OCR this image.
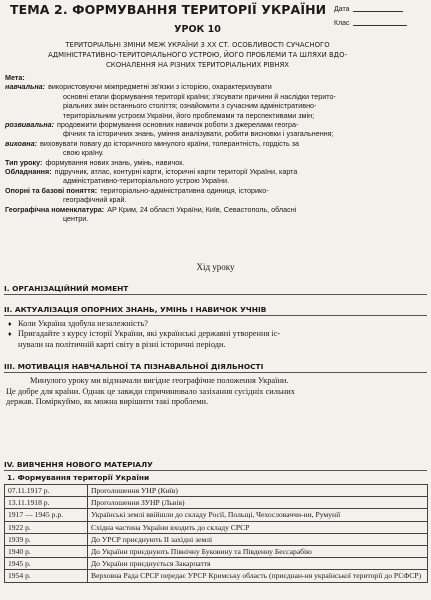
ТЕМА 2. ФОРМУВАННЯ ТЕРИТОРІЇ УКРАЇНИ Дата
Клас
УРОК 10
ТЕРИТОРІАЛЬНІ ЗМІНИ МЕЖ УКРАЇНИ З XX СТ. ОСОБЛИВОСТІ СУЧАСНОГО
АДМІНІСТРАТИВНО-ТЕРИТОРІАЛЬНОГО УСТРОЮ, ЙОГО ПРОБЛЕМИ ТА ШЛЯХИ ВДО-
СКОНАЛЕННЯ НА РІЗНИХ ТЕРИТОРІАЛЬНИХ РІВНЯХ
Мета:
навчальна: використовуючи міжпредметні зв'язки з історією, охарактеризувати
основні етапи формування території країни; з'ясувати причини й наслідки терито-
ріальних змін останнього століття; ознайомити з сучасним адміністративно-
територіальним устроєм України, його проблемами та перспективами змін;
розвивальна: продовжити формування основних навичок роботи з джерелами геогра-
фічних та історичних знань, уміння аналізувати, робити висновки і узагальнення;
виховна: виховувати повагу до історичного минулого країни, толерантність, гордість за
свою країну.
Тип уроку: формування нових знань, умінь, навичок.
Обладнання: підручник, атлас, контурні карти, історичні карти території України, карта
адміністративно-територіального устрою України.
Опорні та базові поняття: територіально-адміністративна одиниця, історико-
географічний край.
Географічна номенклатура: АР Крим, 24 області України, Київ, Севастополь, обласні
центри.
Хід уроку
І. ОРГАНІЗАЦІЙНИЙ МОМЕНТ
II. АКТУАЛІЗАЦІЯ ОПОРНИХ ЗНАНЬ, УМІНЬ І НАВИЧОК УЧНІВ
♦ Коли Україна здобула незалежність?
♦ Пригадайте з курсу історії України, які українські державні утворення іс-
нували на політичній карті світу в різні історичні періоди.
III. МОТИВАЦІЯ НАВЧАЛЬНОЇ ТА ПІЗНАВАЛЬНОЇ ДІЯЛЬНОСТІ
Минулого уроку ми відзначали вигідне географічне положення України.
Це добре для країни. Однак це завжди спричинювало зазіхання сусідніх сильних
держав. Поміркуймо, як можна вирішити такі проблеми.
IV. ВИВЧЕННЯ НОВОГО МАТЕРІАЛУ
1. Формування території України
07.11.1917 р.	Проголошення УНР (Київ)
13.11.1918 р.	Проголошення ЗУНР (Львів)
1917 — 1945 р.р.	Українські землі ввійшли до складу Росії, Польщі, Чехословаччи-ни, Румунії
1922 р.	Східна частина України входить до складу СРСР
1939 р.	До УРСР приєднують ІІ західні землі
1940 р.	До України приєднують Північну Буковину та Південну Бессарабію
1945 р.	До України приєднується Закарпаття
1954 р.	Верховна Рада СРСР передає УРСР Кримську область (приєднан-ня української території до РСФСР)
